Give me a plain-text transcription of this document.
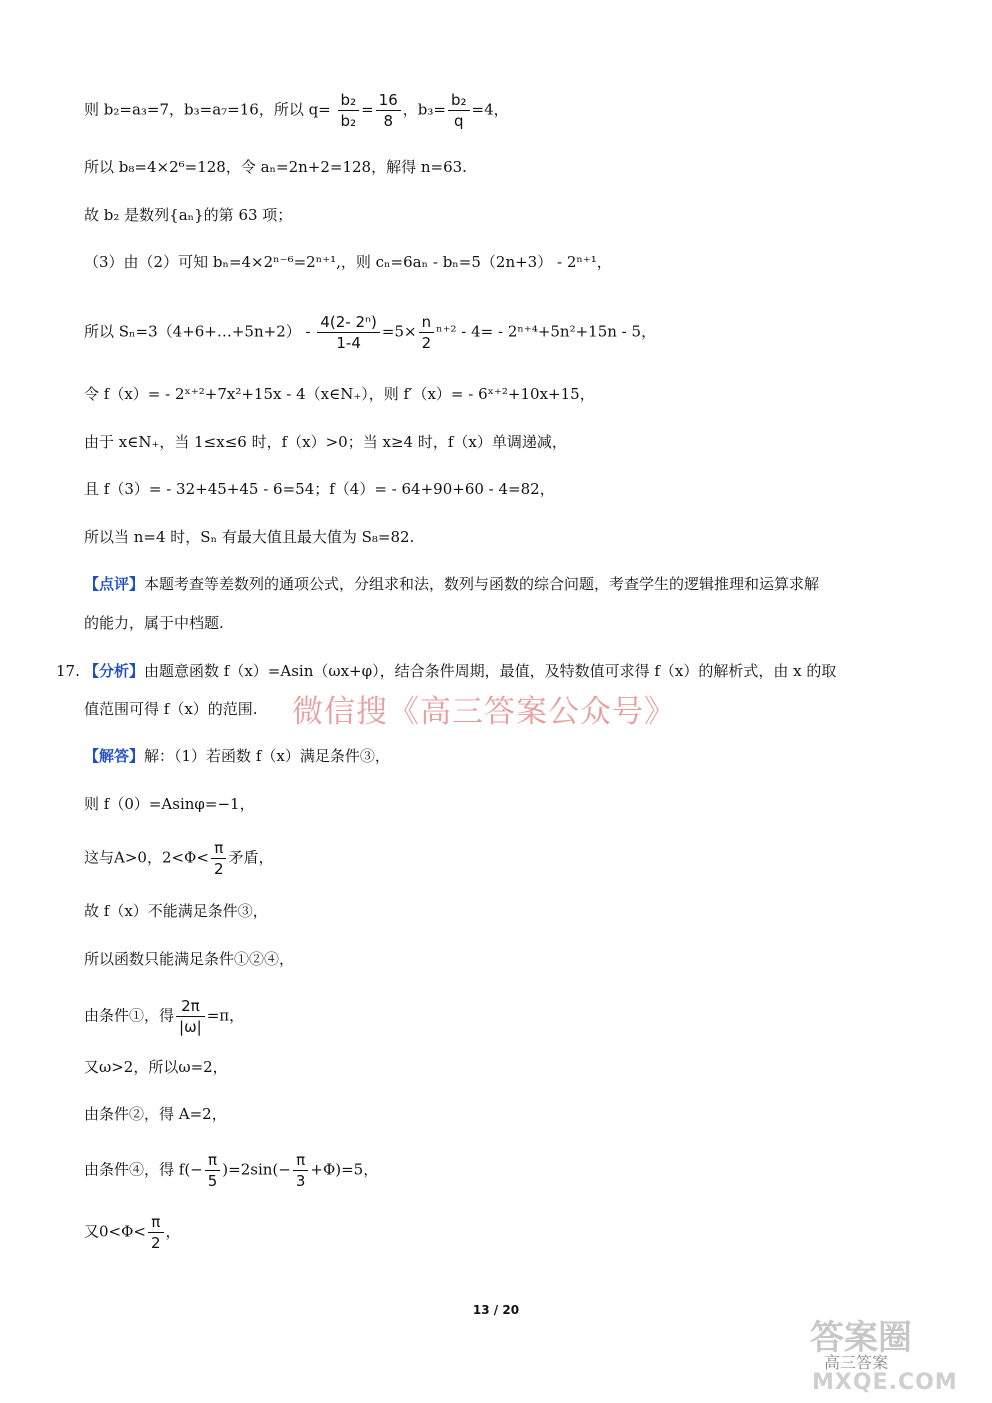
则 b₂=a₃=7，b₃=a₇=16，所以 $q= \frac{\text{b₂}}{\text{b₂}} = \frac{16}{8}$ ，$b_3= \frac{\text{b₂}}{q} =4$，
所以 b₈=4×2⁶=128，令 aₙ=2n+2=128，解得 n=63.
故 b₂ 是数列{aₙ}的第 63 项；
（3）由（2）可知 bₙ=4×2ⁿ⁻⁶=2ⁿ⁺¹,，则 cₙ=6aₙ - bₙ=5（2n+3） - 2ⁿ⁺¹，
所以 Sₙ=3（4+6+…+5n+2） - $\frac{\text{4(2- 2ⁿ)}}{1-4} =5\times \frac{n}{2} ^{n+2} - 4= - 2^{n+4}+5n^2+15n - 5$，
令 f（x）= - 2ˣ⁺²+7x²+15x - 4（x∈N₊），则 f′（x）= - 6ˣ⁺²+10x+15，
由于 x∈N₊，当 1≤x≤6 时，f（x）>0；当 x≥4 时，f（x）单调递减，
且 f（3）= - 32+45+45 - 6=54；f（4）= - 64+90+60 - 4=82，
所以当 n=4 时，Sₙ 有最大值且最大值为 S₈=82.
【点评】本题考查等差数列的通项公式，分组求和法，数列与函数的综合问题，考查学生的逻辑推理和运算求解
的能力，属于中档题.
17. 【分析】由题意函数 f（x）=Asin（ωx+φ），结合条件周期，最值，及特数值可求得 f（x）的解析式，由 x 的取
值范围可得 f（x）的范围. 微信搜《高三答案公众号》
【解答】解：（1）若函数 f（x）满足条件③，
则 f（0）=Asinφ=−1，
这与A>0，$2<\Phi< \frac{\pi}{2}$ 矛盾，
故 f（x）不能满足条件③，
所以函数只能满足条件①②④，
由条件①，得 $\frac{2\pi}{|\omega|} =\pi$，
又ω>2，所以ω=2，
由条件②，得 A=2，
由条件④，得 $f(- \frac{\pi}{5} )=2\sin(- \frac{\pi}{3} +\Phi)=5$，
又$0<\Phi< \frac{\pi}{2}$ ，
13 / 20
答案圈
高三答案
MXQE.COM
